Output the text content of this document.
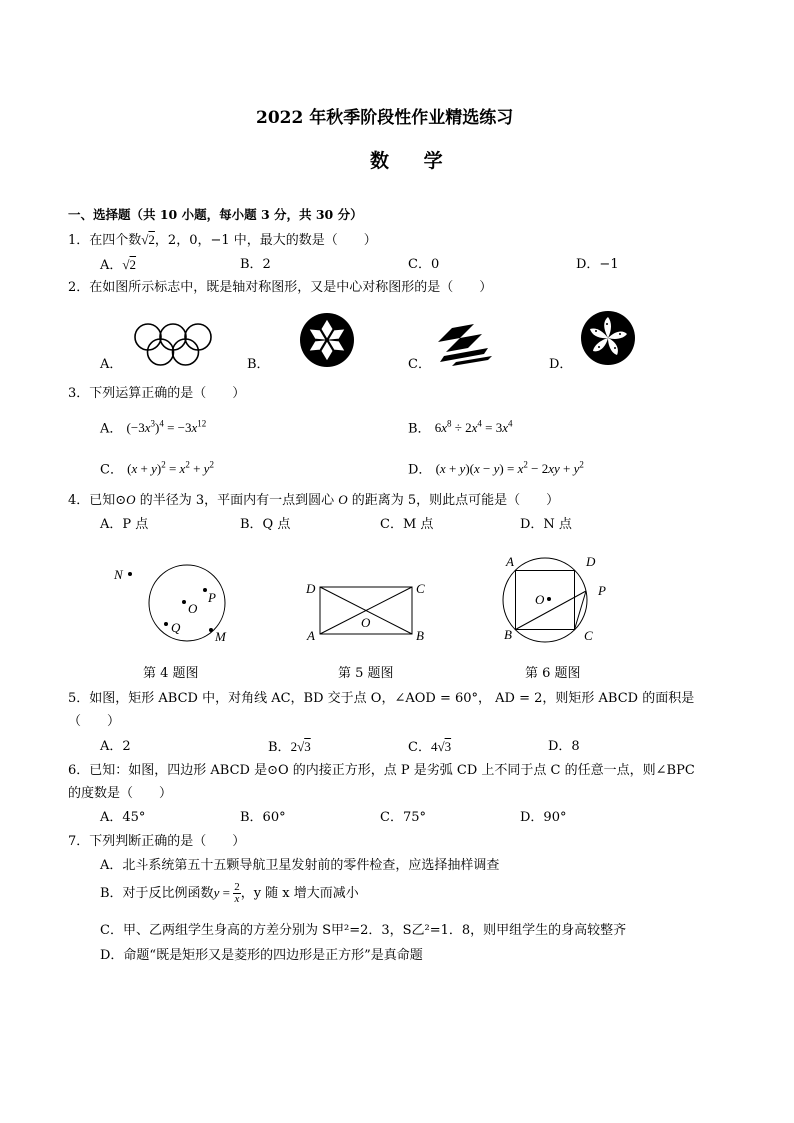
2022 年秋季阶段性作业精选练习
数 学
一、选择题（共 10 小题，每小题 3 分，共 30 分）
1．在四个数√2，2，0，−1 中，最大的数是（　　）
A．√2	B．2	C．0	D．−1
2．在如图所示标志中，既是轴对称图形，又是中心对称图形的是（　　）
A．	B．	C．	D．
3．下列运算正确的是（　　）
A． $(-3x^3)^4 = -3x^{12}$	B． $6x^8 \div 2x^4 = 3x^4$
C． $(x + y)^2 = x^2 + y^2$	D． $(x + y)(x - y) = x^2 - 2xy + y^2$
4．已知⊙O 的半径为 3，平面内有一点到圆心 O 的距离为 5，则此点可能是（　　）
A．P 点	B．Q 点	C．M 点	D．N 点
N
P
O
Q
M
D	C
O
A	B
A	D
O
P
B	C
第 4 题图	第 5 题图	第 6 题图
5．如图，矩形 ABCD 中，对角线 AC，BD 交于点 O，∠AOD = 60°， AD = 2，则矩形 ABCD 的面积是
（　　）
A．2	B．2√3	C．4√3	D．8
6．已知：如图，四边形 ABCD 是⊙O 的内接正方形，点 P 是劣弧 CD 上不同于点 C 的任意一点，则∠BPC
的度数是（　　）
A．45°	B．60°	C．75°	D．90°
7．下列判断正确的是（　　）
A．北斗系统第五十五颗导航卫星发射前的零件检查，应选择抽样调查
B．对于反比例函数$y = \frac{2}{x}$ ，y 随 x 增大而减小
C．甲、乙两组学生身高的方差分别为 S甲²=2．3，S乙²=1．8，则甲组学生的身高较整齐
D．命题“既是矩形又是菱形的四边形是正方形”是真命题
